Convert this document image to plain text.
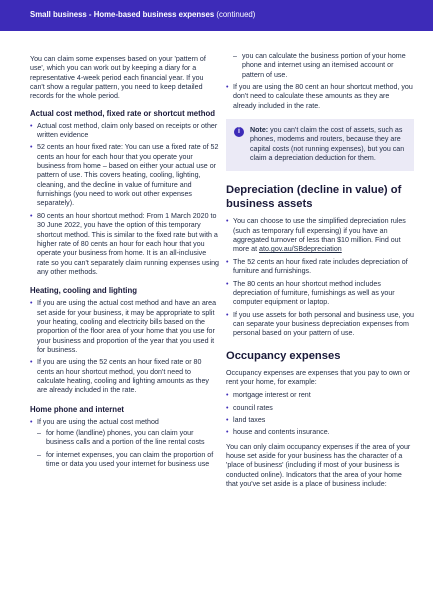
Small business - Home-based business expenses (continued)

You can claim some expenses based on your 'pattern of use', which you can work out by keeping a diary for a representative 4-week period each financial year. If you can't show a regular pattern, you need to keep detailed records for the whole period.

Actual cost method, fixed rate or shortcut method
• Actual cost method, claim only based on receipts or other written evidence
• 52 cents an hour fixed rate: You can use a fixed rate of 52 cents an hour for each hour that you operate your business from home – based on either your actual use or pattern of use. This covers heating, cooling, lighting, cleaning, and the decline in value of furniture and furnishings (you need to work out other expenses separately).
• 80 cents an hour shortcut method: From 1 March 2020 to 30 June 2022, you have the option of this temporary shortcut method. This is similar to the fixed rate but with a higher rate of 80 cents an hour for each hour that you operate your business from home. It is an all-inclusive rate so you can't separately claim running expenses using any other methods.
Heating, cooling and lighting
• If you are using the actual cost method and have an area set aside for your business, it may be appropriate to split your heating, cooling and electricity bills based on the proportion of the floor area of your home that you use for your business and proportion of the year that you used it for business.
• If you are using the 52 cents an hour fixed rate or 80 cents an hour shortcut method, you don't need to calculate heating, cooling and lighting amounts as they are already included in the rate.
Home phone and internet
• If you are using the actual cost method
– for home (landline) phones, you can claim your business calls and a portion of the line rental costs
– for internet expenses, you can claim the proportion of time or data you used your internet for business use
– you can calculate the business portion of your home phone and internet using an itemised account or pattern of use.
• If you are using the 80 cent an hour shortcut method, you don't need to calculate these amounts as they are already included in the rate.
i	Note: you can't claim the cost of assets, such as phones, modems and routers, because they are capital costs (not running expenses), but you can claim a depreciation deduction for them.
Depreciation (decline in value) of business assets
• You can choose to use the simplified depreciation rules (such as temporary full expensing) if you have an aggregated turnover of less than $10 million. Find out more at ato.gov.au/SBdepreciation
• The 52 cents an hour fixed rate includes depreciation of furniture and furnishings.
• The 80 cents an hour shortcut method includes depreciation of furniture, furnishings as well as your computer equipment or laptop.
• If you use assets for both personal and business use, you can separate your business depreciation expenses from personal based on your pattern of use.
Occupancy expenses

Occupancy expenses are expenses that you pay to own or rent your home, for example:

• mortgage interest or rent
• council rates
• land taxes
• house and contents insurance.

You can only claim occupancy expenses if the area of your house set aside for your business has the character of a 'place of business' (including if most of your business is conducted online). Indicators that the area of your home that you've set aside is a place of business include:
